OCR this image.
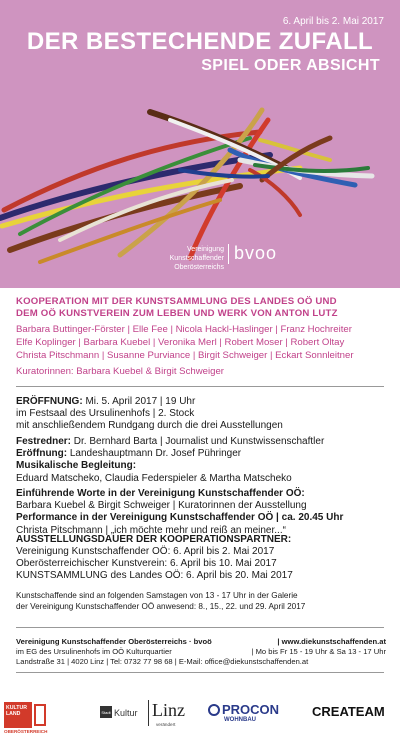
6. April bis 2. Mai 2017
DER BESTECHENDE ZUFALL
SPIEL ODER ABSICHT
Vereinigung Kunstschaffender
Oberösterreichs
bvoo
KOOPERATION MIT DER KUNSTSAMMLUNG DES LANDES OÖ UND
DEM OÖ KUNSTVEREIN ZUM LEBEN UND WERK VON ANTON LUTZ
Barbara Buttinger-Förster | Elle Fee | Nicola Hackl-Haslinger | Franz Hochreiter
Elfe Koplinger | Barbara Kuebel | Veronika Merl | Robert Moser | Robert Oltay
Christa Pitschmann | Susanne Purviance | Birgit Schweiger | Eckart Sonnleitner
Kuratorinnen: Barbara Kuebel & Birgit Schweiger
ERÖFFNUNG: Mi. 5. April 2017 | 19 Uhr
im Festsaal des Ursulinenhofs | 2. Stock
mit anschließendem Rundgang durch die drei Ausstellungen
Festredner: Dr. Bernhard Barta | Journalist und Kunstwissenschaftler
Eröffnung: Landeshauptmann Dr. Josef Pühringer
Musikalische Begleitung:
Eduard Matscheko, Claudia Federspieler & Martha Matscheko
Einführende Worte in der Vereinigung Kunstschaffender OÖ:
Barbara Kuebel & Birgit Schweiger | Kuratorinnen der Ausstellung
Performance in der Vereinigung Kunstschaffender OÖ | ca. 20.45 Uhr
Christa Pitschmann | „ich möchte mehr und reiß an meiner...“
AUSSTELLUNGSDAUER DER KOOPERATIONSPARTNER:
Vereinigung Kunstschaffender OÖ: 6. April bis 2. Mai 2017
Oberösterreichischer Kunstverein: 6. April bis 10. Mai 2017
KUNSTSAMMLUNG des Landes OÖ: 6. April bis 20. Mai 2017
Kunstschaffende sind an folgenden Samstagen von 13 - 17 Uhr in der Galerie
der Vereinigung Kunstschaffender OÖ anwesend: 8., 15., 22. und 29. April 2017
Vereinigung Kunstschaffender Oberösterreichs · bvoö	| www.diekunstschaffenden.at
im EG des Ursulinenhofs im OÖ Kulturquartier	| Mo bis Fr 15 - 19 Uhr & Sa 13 - 17 Uhr
Landstraße 31 | 4020 Linz | Tel: 0732 77 98 68 | E-Mail: office@diekunstschaffenden.at
KULTUR LAND
OBERÖSTERREICH
Stadt Kultur Linz
verändert
PROCON
WOHNBAU
CREATEAM
